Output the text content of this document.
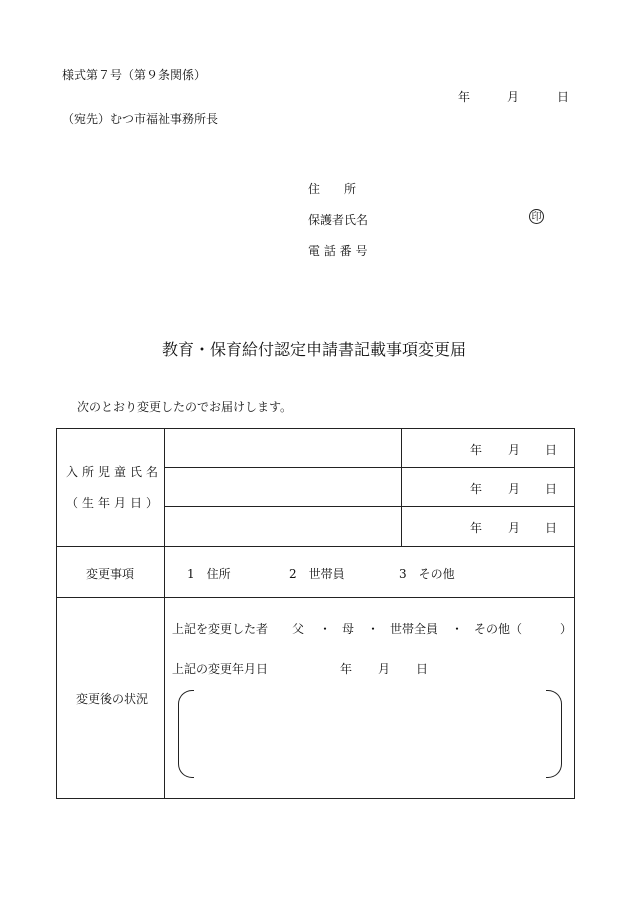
様式第７号（第９条関係）
年	月	日
（宛先）むつ市福祉事務所長
住　　所
保護者氏名	印
電 話 番 号
教育・保育給付認定申請書記載事項変更届
次のとおり変更したのでお届けします。
入所児童氏名
（生年月日）
年 月 日
年 月 日
年 月 日
変更事項	1　住所	2　世帯員	3　その他
変更後の状況
上記を変更した者 父 ・ 母 ・ 世帯全員 ・ その他（	）
上記の変更年月日	年 月 日
